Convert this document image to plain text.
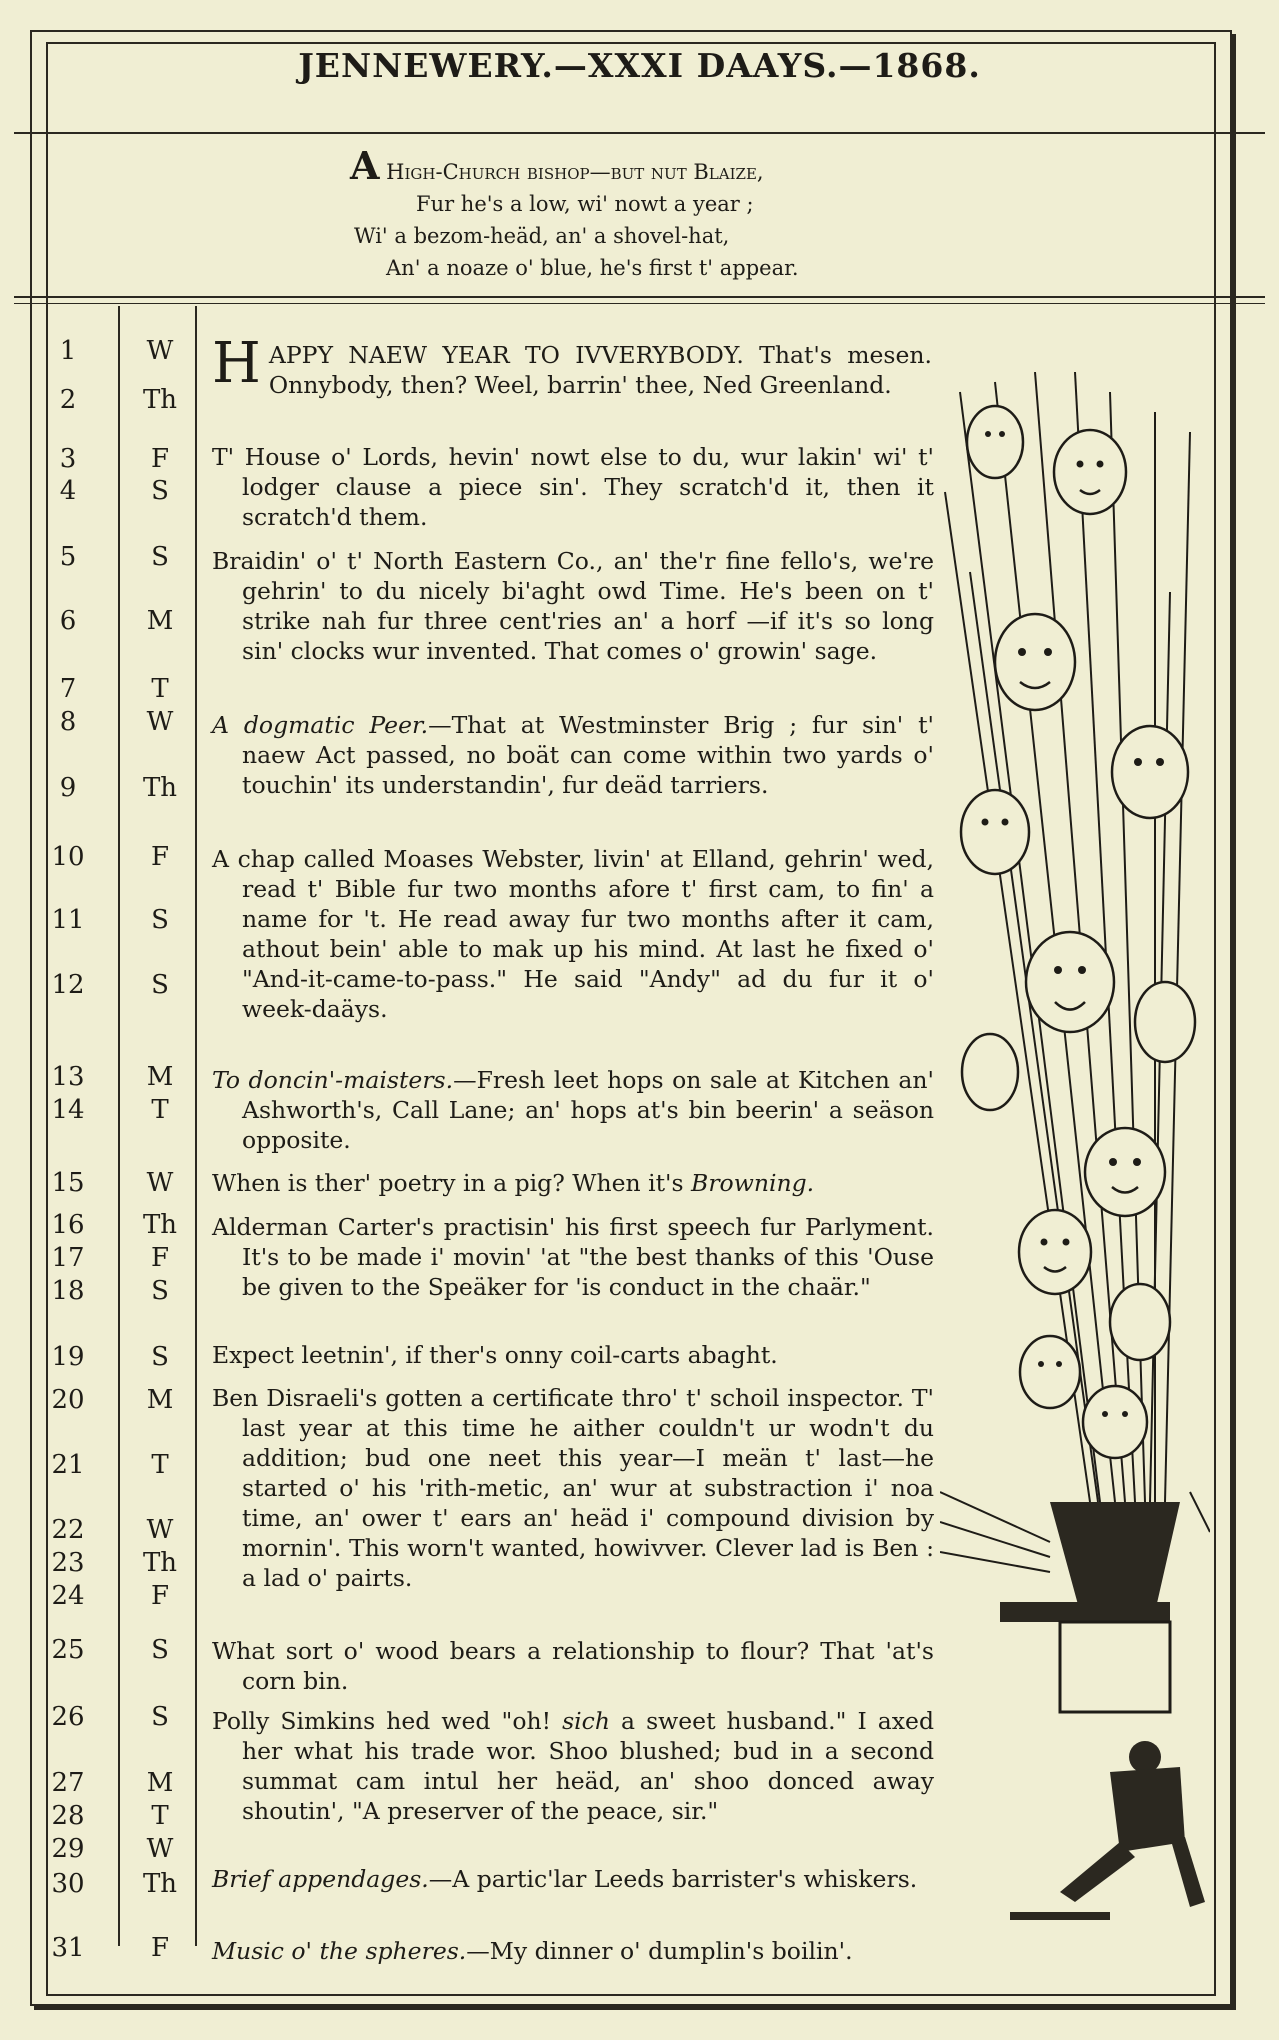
JENNEWERY.—XXXI DAAYS.—1868.
A High-Church bishop—but nut Blaize,
Fur he's a low, wi' nowt a year ;
Wi' a bezom-heäd, an' a shovel-hat,
An' a noaze o' blue, he's first t' appear.
1	W
2	Th
3	F
4	S
5	S
6	M
7	T
8	W
9	Th
10	F
11	S
12	S
13	M
14	T
15	W
16	Th
17	F
18	S
19	S
20	M
21	T
22	W
23	Th
24	F
25	S
26	S
27	M
28	T
29	W
30	Th
31	F

HAPPY NAEW YEAR TO IVVERYBODY. That's mesen. Onnybody, then? Weel, barrin' thee, Ned Greenland.

T' House o' Lords, hevin' nowt else to du, wur lakin' wi' t' lodger clause a piece sin'. They scratch'd it, then it scratch'd them.

Braidin' o' t' North Eastern Co., an' the'r fine fello's, we're gehrin' to du nicely bi'aght owd Time. He's been on t' strike nah fur three cent'ries an' a horf —if it's so long sin' clocks wur invented. That comes o' growin' sage.

A dogmatic Peer.—That at Westminster Brig ; fur sin' t' naew Act passed, no boät can come within two yards o' touchin' its understandin', fur deäd tarriers.

A chap called Moases Webster, livin' at Elland, gehrin' wed, read t' Bible fur two months afore t' first cam, to fin' a name for 't. He read away fur two months after it cam, athout bein' able to mak up his mind. At last he fixed o' "And-it-came-to-pass." He said "Andy" ad du fur it o' week-daäys.

To doncin'-maisters.—Fresh leet hops on sale at Kitchen an' Ashworth's, Call Lane; an' hops at's bin beerin' a seäson opposite.

When is ther' poetry in a pig? When it's Browning.

Alderman Carter's practisin' his first speech fur Parlyment. It's to be made i' movin' 'at "the best thanks of this 'Ouse be given to the Speäker for 'is conduct in the chaär."

Expect leetnin', if ther's onny coil-carts abaght.

Ben Disraeli's gotten a certificate thro' t' schoil inspector. T' last year at this time he aither couldn't ur wodn't du addition; bud one neet this year—I meän t' last—he started o' his 'rith-metic, an' wur at substraction i' noa time, an' ower t' ears an' heäd i' compound division by mornin'. This worn't wanted, howivver. Clever lad is Ben : a lad o' pairts.

What sort o' wood bears a relationship to flour? That 'at's corn bin.

Polly Simkins hed wed "oh! sich a sweet husband." I axed her what his trade wor. Shoo blushed; bud in a second summat cam intul her heäd, an' shoo donced away shoutin', "A preserver of the peace, sir."

Brief appendages.—A partic'lar Leeds barrister's whiskers.

Music o' the spheres.—My dinner o' dumplin's boilin'.
